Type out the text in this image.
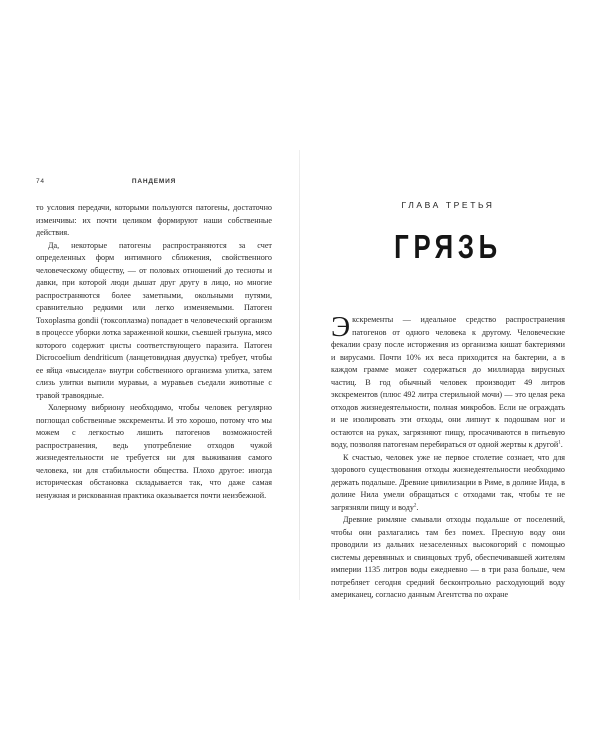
74	ПАНДЕМИЯ

то условия передачи, которыми пользуются патогены, достаточно изменчивы: их почти целиком формируют наши собственные действия.

Да, некоторые патогены распространяются за счет определенных форм интимного сближения, свойственного человеческому обществу, — от половых отношений до тесноты и давки, при которой люди дышат друг другу в лицо, но многие распространяются более заметными, окольными путями, сравнительно редкими или легко изменяемыми. Патоген Toxoplasma gondii (токсоплазма) попадает в человеческий организм в процессе уборки лотка зараженной кошки, съевшей грызуна, мясо которого содержит цисты соответствующего паразита. Патоген Dicrocoelium dendriticum (ланцетовидная двуустка) требует, чтобы ее яйца «высидела» внутри собственного организма улитка, затем слизь улитки выпили муравьи, а муравьев съедали животные с травой травоядные.

Холерному вибриону необходимо, чтобы человек регулярно поглощал собственные экскременты. И это хорошо, потому что мы можем с легкостью лишить патогенов возможностей распространения, ведь употребление отходов чужой жизнедеятельности не требуется ни для выживания самого человека, ни для стабильности общества. Плохо другое: иногда историческая обстановка складывается так, что даже самая ненужная и рискованная практика оказывается почти неизбежной.

ГЛАВА ТРЕТЬЯ
ГРЯЗЬ

Экскременты — идеальное средство распространения патогенов от одного человека к другому. Человеческие фекалии сразу после исторжения из организма кишат бактериями и вирусами. Почти 10% их веса приходится на бактерии, а в каждом грамме может содержаться до миллиарда вирусных частиц. В год обычный человек производит 49 литров экскрементов (плюс 492 литра стерильной мочи) — это целая река отходов жизнедеятельности, полная микробов. Если не ограждать и не изолировать эти отходы, они липнут к подошвам ног и остаются на руках, загрязняют пищу, просачиваются в питьевую воду, позволяя патогенам перебираться от одной жертвы к другой$^1$.

К счастью, человек уже не первое столетие сознает, что для здорового существования отходы жизнедеятельности необходимо держать подальше. Древние цивилизации в Риме, в долине Инда, в долине Нила умели обращаться с отходами так, чтобы те не загрязняли пищу и воду$^2$.

Древние римляне смывали отходы подальше от поселений, чтобы они разлагались там без помех. Пресную воду они проводили из дальних незаселенных высокогорий с помощью системы деревянных и свинцовых труб, обеспечивавшей жителям империи 1135 литров воды ежедневно — в три раза больше, чем потребляет сегодня средний бесконтрольно расходующий воду американец, согласно данным Агентства по охране
